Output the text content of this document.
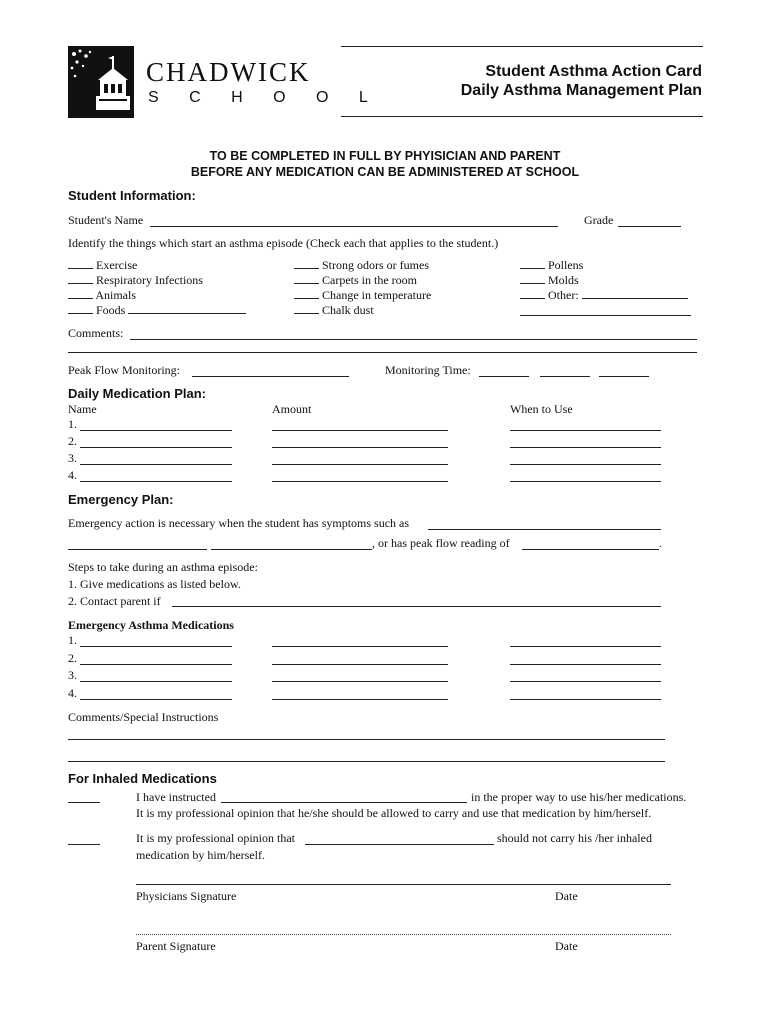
CHADWICK
S C H O O L
Student Asthma Action Card
Daily Asthma Management Plan
TO BE COMPLETED IN FULL BY PHYISICIAN AND PARENT
BEFORE ANY MEDICATION CAN BE ADMINISTERED AT SCHOOL
Student Information:
Student's Name	Grade
Identify the things which start an asthma episode (Check each that applies to the student.)
Exercise
Respiratory Infections
Animals
Foods
Strong odors or fumes
Carpets in the room
Change in temperature
Chalk dust
Pollens
Molds
Other:
Comments:
Peak Flow Monitoring:	Monitoring Time:
Daily Medication Plan:
Name	Amount	When to Use
1.
2.
3.
4.
Emergency Plan:
Emergency action is necessary when the student has symptoms such as
, or has peak flow reading of	.
Steps to take during an asthma episode:
1. Give medications as listed below.
2. Contact parent if
Emergency Asthma Medications
1.
2.
3.
4.
Comments/Special Instructions
For Inhaled Medications
I have instructed	in the proper way to use his/her medications.
It is my professional opinion that he/she should be allowed to carry and use that medication by him/herself.
It is my professional opinion that	should not carry his /her inhaled
medication by him/herself.
Physicians Signature	Date
Parent Signature	Date
